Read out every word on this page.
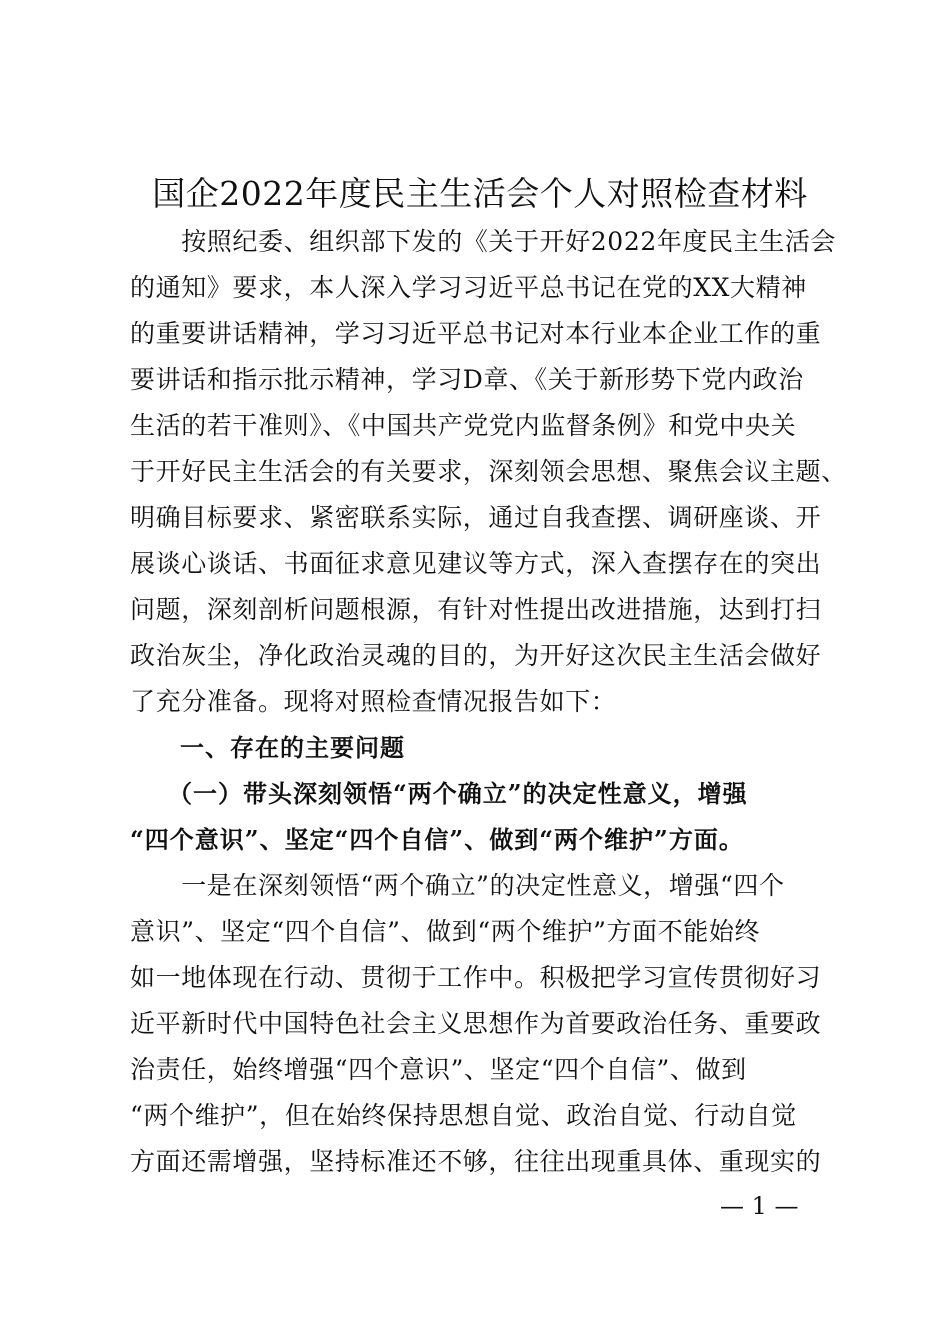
国企2022年度民主生活会个人对照检查材料
　　按照纪委、组织部下发的《关于开好2022年度民主生活会
的通知》要求，本人深入学习习近平总书记在党的XX大精神
的重要讲话精神，学习习近平总书记对本行业本企业工作的重
要讲话和指示批示精神，学习D章、《关于新形势下党内政治
生活的若干准则》、《中国共产党党内监督条例》和党中央关
于开好民主生活会的有关要求，深刻领会思想、聚焦会议主题、
明确目标要求、紧密联系实际，通过自我查摆、调研座谈、开
展谈心谈话、书面征求意见建议等方式，深入查摆存在的突出
问题，深刻剖析问题根源，有针对性提出改进措施，达到打扫
政治灰尘，净化政治灵魂的目的，为开好这次民主生活会做好
了充分准备。现将对照检查情况报告如下：
一、存在的主要问题
　　（一）带头深刻领悟“两个确立”的决定性意义，增强
“四个意识”、坚定“四个自信”、做到“两个维护”方面。
　　一是在深刻领悟“两个确立”的决定性意义，增强“四个
意识”、坚定“四个自信”、做到“两个维护”方面不能始终
如一地体现在行动、贯彻于工作中。积极把学习宣传贯彻好习
近平新时代中国特色社会主义思想作为首要政治任务、重要政
治责任，始终增强“四个意识”、坚定“四个自信”、做到
“两个维护”，但在始终保持思想自觉、政治自觉、行动自觉
方面还需增强，坚持标准还不够，往往出现重具体、重现实的
— 1 —
